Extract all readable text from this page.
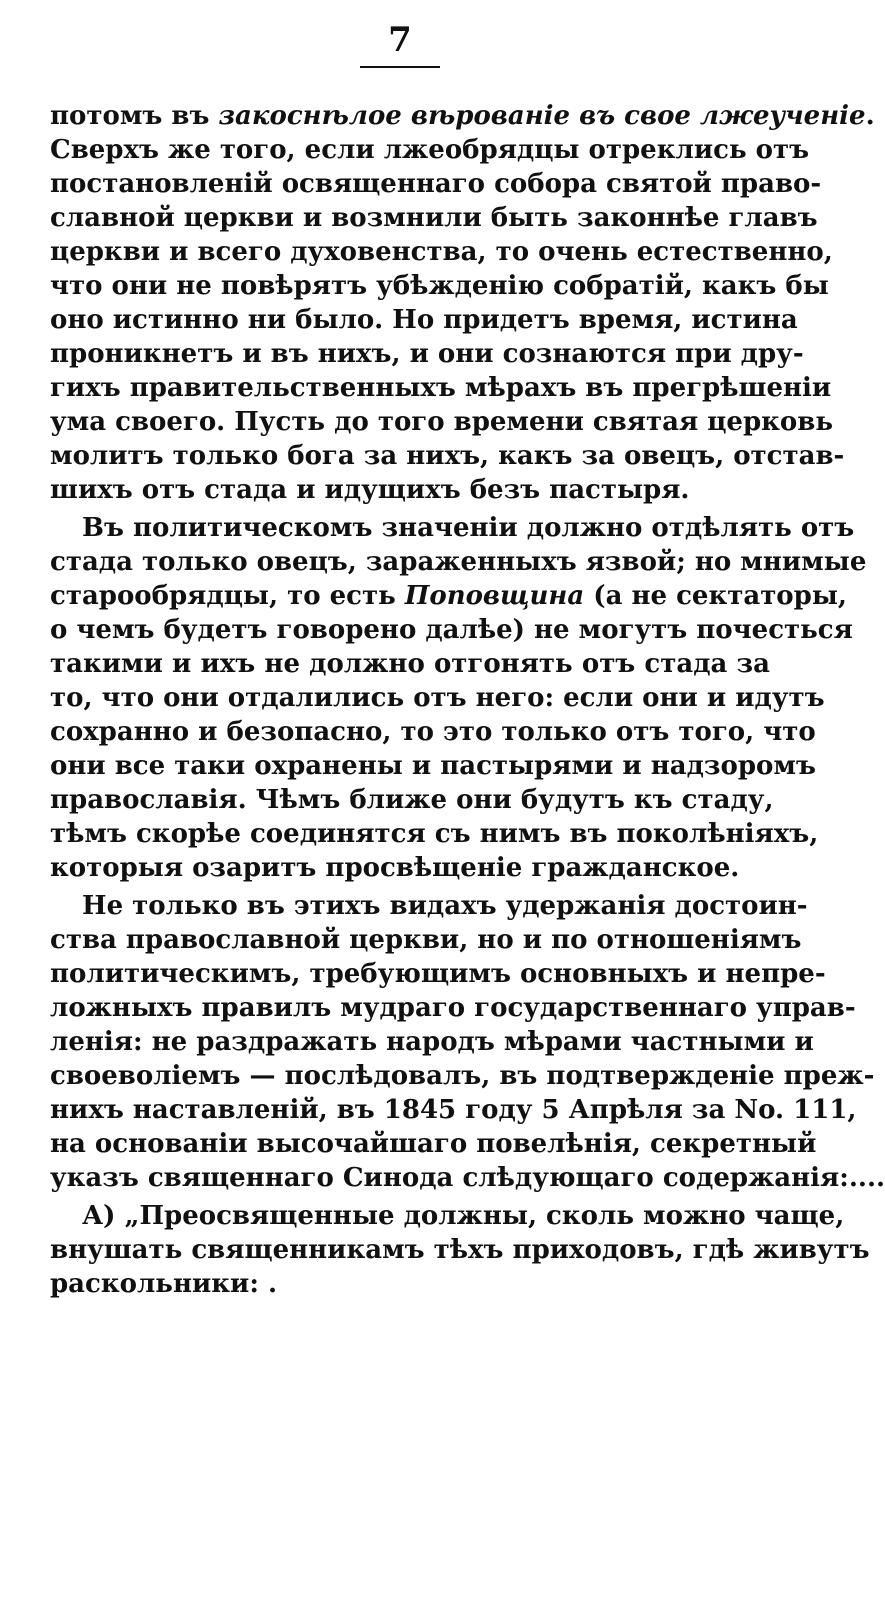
7
потомъ въ закоснѣлое вѣрованіе въ свое лжеученіе.
Сверхъ же того, если лжеобрядцы отреклись отъ
постановленій освященнаго собора святой право-
славной церкви и возмнили быть законнѣе главъ
церкви и всего духовенства, то очень естественно,
что они не повѣрятъ убѣжденію собратій, какъ бы
оно истинно ни было. Но придетъ время, истина
проникнетъ и въ нихъ, и они сознаются при дру-
гихъ правительственныхъ мѣрахъ въ прегрѣшеніи
ума своего. Пусть до того времени святая церковь
молитъ только бога за нихъ, какъ за овецъ, отстав-
шихъ отъ стада и идущихъ безъ пастыря.
Въ политическомъ значеніи должно отдѣлять отъ
стада только овецъ, зараженныхъ язвой; но мнимые
старообрядцы, то есть Поповщина (а не сектаторы,
о чемъ будетъ говорено далѣе) не могутъ почесться
такими и ихъ не должно отгонять отъ стада за
то, что они отдалились отъ него: если они и идутъ
сохранно и безопасно, то это только отъ того, что
они все таки охранены и пастырями и надзоромъ
православія. Чѣмъ ближе они будутъ къ стаду,
тѣмъ скорѣе соединятся съ нимъ въ поколѣніяхъ,
которыя озаритъ просвѣщеніе гражданское.
Не только въ этихъ видахъ удержанія достоин-
ства православной церкви, но и по отношеніямъ
политическимъ, требующимъ основныхъ и непре-
ложныхъ правилъ мудраго государственнаго управ-
ленія: не раздражать народъ мѣрами частными и
своеволіемъ — послѣдовалъ, въ подтвержденіе преж-
нихъ наставленій, въ 1845 году 5 Апрѣля за No. 111,
на основаніи высочайшаго повелѣнія, секретный
указъ священнаго Синода слѣдующаго содержанія:....
А) „Преосвященные должны, сколь можно чаще,
внушать священникамъ тѣхъ приходовъ, гдѣ живутъ
раскольники: .
